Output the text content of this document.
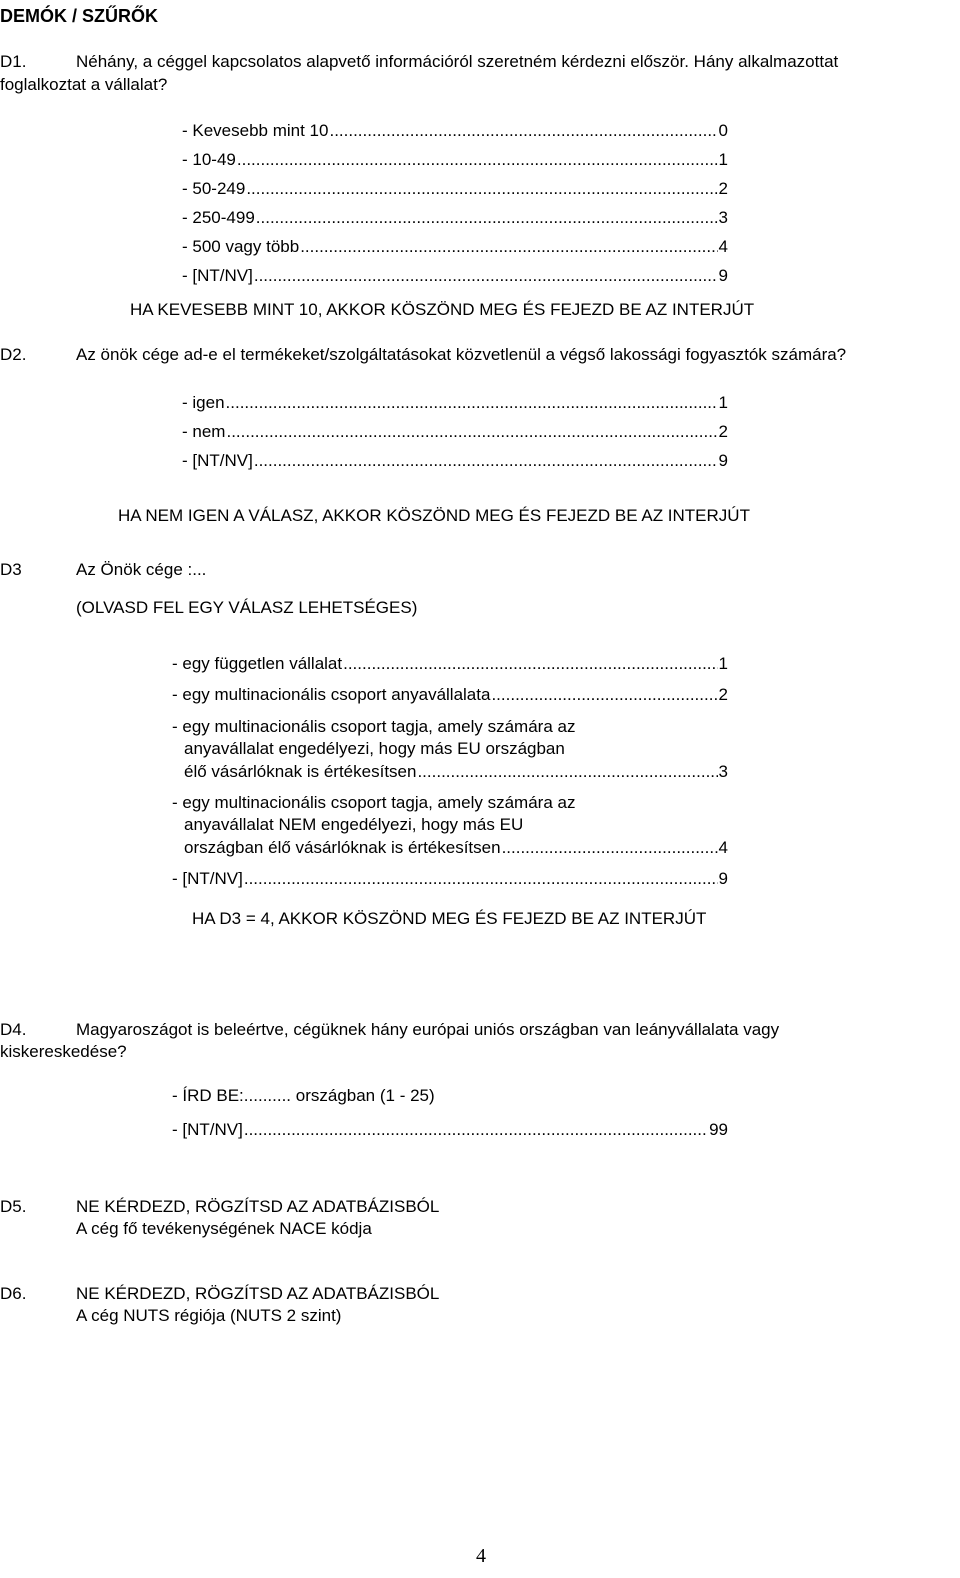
DEMÓK / SZŰRŐK
D1.	Néhány, a céggel kapcsolatos alapvető információról szeretném kérdezni először. Hány alkalmazottat
foglalkoztat a vállalat?
- Kevesebb mint 10 .....	0
- 10-49 .....	1
- 50-249 .....	2
- 250-499 .....	3
- 500 vagy több .....	4
- [NT/NV] .....	9
HA KEVESEBB MINT 10, AKKOR KÖSZÖND MEG ÉS FEJEZD BE AZ INTERJÚT
D2.	Az önök cége ad-e el termékeket/szolgáltatásokat közvetlenül a végső lakossági fogyasztók számára?
- igen .....	1
- nem .....	2
- [NT/NV] .....	9
HA NEM IGEN A VÁLASZ, AKKOR KÖSZÖND MEG ÉS FEJEZD BE AZ INTERJÚT
D3	Az Önök cége :...
(OLVASD FEL EGY VÁLASZ LEHETSÉGES)
- egy független vállalat .....	1
- egy multinacionális csoport anyavállalata .....	2
- egy multinacionális csoport tagja, amely számára az
anyavállalat engedélyezi, hogy más EU országban
élő vásárlóknak is értékesítsen .....	3
- egy multinacionális csoport tagja, amely számára az
anyavállalat NEM engedélyezi, hogy más EU
országban élő vásárlóknak is értékesítsen .....	4
- [NT/NV] .....	9
HA D3 = 4, AKKOR KÖSZÖND MEG ÉS FEJEZD BE AZ INTERJÚT
D4.	Magyaroszágot is beleértve, cégüknek hány európai uniós országban van leányvállalata vagy
kiskereskedése?
- ÍRD BE:.......... országban (1 - 25)
- [NT/NV] .....	99
D5.	NE KÉRDEZD, RÖGZÍTSD AZ ADATBÁZISBÓL
A cég fő tevékenységének NACE kódja
D6.	NE KÉRDEZD, RÖGZÍTSD AZ ADATBÁZISBÓL
A cég NUTS régiója (NUTS 2 szint)
4
